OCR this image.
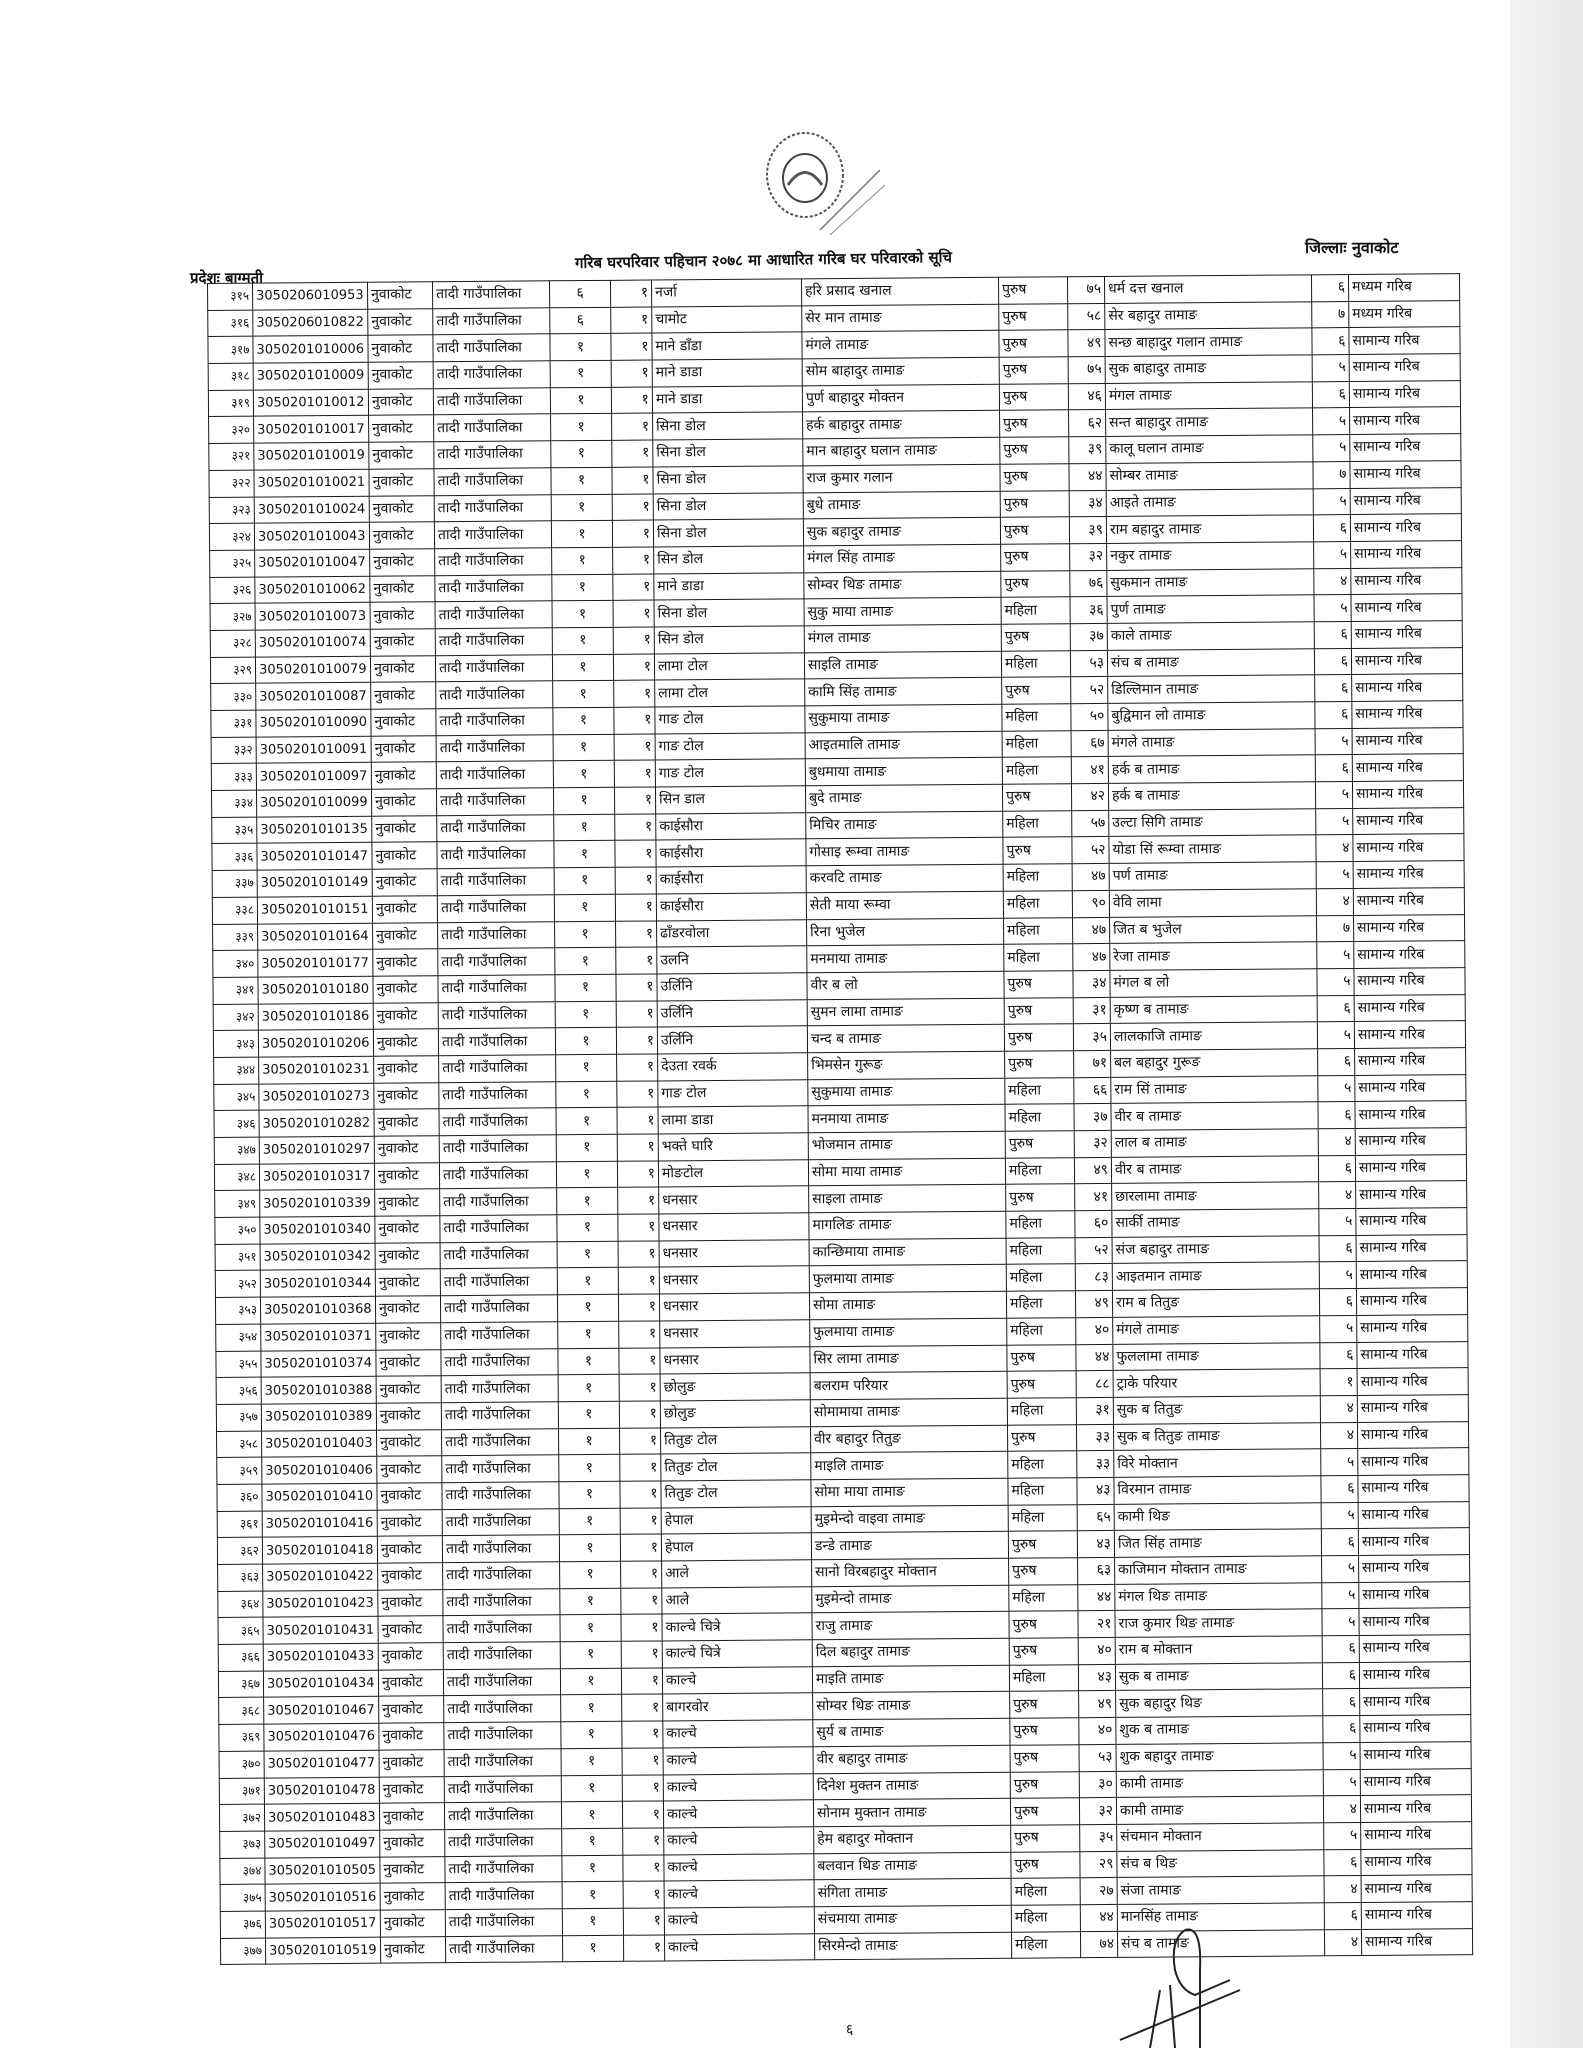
प्रदेशः बाग्मती
गरिब घरपरिवार पहिचान २०७८ मा आधारित गरिब घर परिवारको सूचि
जिल्लाः नुवाकोट
३१५	3050206010953	नुवाकोट	तादी गाउँपालिका	६	१	नर्जा	हरि प्रसाद खनाल	पुरुष	७५	धर्म दत्त खनाल	६	मध्यम गरिब
३१६	3050206010822	नुवाकोट	तादी गाउँपालिका	६	१	चामोट	सेर मान तामाङ	पुरुष	५८	सेर बहादुर तामाङ	७	मध्यम गरिब
३१७	3050201010006	नुवाकोट	तादी गाउँपालिका	१	१	माने डाँडा	मंगले तामाङ	पुरुष	४९	सन्छ बाहादुर गलान तामाङ	६	सामान्य गरिब
३१८	3050201010009	नुवाकोट	तादी गाउँपालिका	१	१	माने डाडा	सोम बाहादुर तामाङ	पुरुष	७५	सुक बाहादुर तामाङ	५	सामान्य गरिब
३१९	3050201010012	नुवाकोट	तादी गाउँपालिका	१	१	माने डाडा	पुर्ण बाहादुर मोक्तन	पुरुष	४६	मंगल तामाङ	६	सामान्य गरिब
३२०	3050201010017	नुवाकोट	तादी गाउँपालिका	१	१	सिना डोल	हर्क बाहादुर तामाङ	पुरुष	६२	सन्त बाहादुर तामाङ	५	सामान्य गरिब
३२१	3050201010019	नुवाकोट	तादी गाउँपालिका	१	१	सिना डोल	मान बाहादुर घलान तामाङ	पुरुष	३९	कालू घलान तामाङ	५	सामान्य गरिब
३२२	3050201010021	नुवाकोट	तादी गाउँपालिका	१	१	सिना डोल	राज कुमार गलान	पुरुष	४४	सोम्बर तामाङ	७	सामान्य गरिब
३२३	3050201010024	नुवाकोट	तादी गाउँपालिका	१	१	सिना डोल	बुधे तामाङ	पुरुष	३४	आइते तामाङ	५	सामान्य गरिब
३२४	3050201010043	नुवाकोट	तादी गाउँपालिका	१	१	सिना डोल	सुक बहादुर तामाङ	पुरुष	३९	राम बहादुर तामाङ	६	सामान्य गरिब
३२५	3050201010047	नुवाकोट	तादी गाउँपालिका	१	१	सिन डोल	मंगल सिंह तामाङ	पुरुष	३२	नकुर तामाङ	५	सामान्य गरिब
३२६	3050201010062	नुवाकोट	तादी गाउँपालिका	१	१	माने डाडा	सोम्वर थिङ तामाङ	पुरुष	७६	सुकमान तामाङ	४	सामान्य गरिब
३२७	3050201010073	नुवाकोट	तादी गाउँपालिका	१	१	सिना डोल	सुकु माया तामाङ	महिला	३६	पुर्ण तामाङ	५	सामान्य गरिब
३२८	3050201010074	नुवाकोट	तादी गाउँपालिका	१	१	सिन डोल	मंगल तामाङ	पुरुष	३७	काले तामाङ	६	सामान्य गरिब
३२९	3050201010079	नुवाकोट	तादी गाउँपालिका	१	१	लामा टोल	साइलि तामाङ	महिला	५३	संच ब तामाङ	६	सामान्य गरिब
३३०	3050201010087	नुवाकोट	तादी गाउँपालिका	१	१	लामा टोल	कामि सिंह तामाङ	पुरुष	५२	डिल्लिमान तामाङ	६	सामान्य गरिब
३३१	3050201010090	नुवाकोट	तादी गाउँपालिका	१	१	गाङ टोल	सुकुमाया तामाङ	महिला	५०	बुद्विमान लो तामाङ	६	सामान्य गरिब
३३२	3050201010091	नुवाकोट	तादी गाउँपालिका	१	१	गाङ टोल	आइतमालि तामाङ	महिला	६७	मंगले तामाङ	५	सामान्य गरिब
३३३	3050201010097	नुवाकोट	तादी गाउँपालिका	१	१	गाङ टोल	बुधमाया तामाङ	महिला	४१	हर्क ब तामाङ	६	सामान्य गरिब
३३४	3050201010099	नुवाकोट	तादी गाउँपालिका	१	१	सिन डाल	बुदे तामाङ	पुरुष	४२	हर्क ब तामाङ	५	सामान्य गरिब
३३५	3050201010135	नुवाकोट	तादी गाउँपालिका	१	१	काईसौरा	मिचिर तामाङ	महिला	५७	उल्टा सिगि तामाङ	५	सामान्य गरिब
३३६	3050201010147	नुवाकोट	तादी गाउँपालिका	१	१	काईसौरा	गोसाइ रूम्वा तामाङ	पुरुष	५२	योडा सिं रूम्वा तामाङ	४	सामान्य गरिब
३३७	3050201010149	नुवाकोट	तादी गाउँपालिका	१	१	काईसौरा	करवटि तामाङ	महिला	४७	पर्ण तामाङ	५	सामान्य गरिब
३३८	3050201010151	नुवाकोट	तादी गाउँपालिका	१	१	काईसौरा	सेती माया रूम्वा	महिला	९०	वेवि लामा	४	सामान्य गरिब
३३९	3050201010164	नुवाकोट	तादी गाउँपालिका	१	१	ढाँडरवोला	रिना भुजेल	महिला	४७	जित ब भुजेल	७	सामान्य गरिब
३४०	3050201010177	नुवाकोट	तादी गाउँपालिका	१	१	उलनि	मनमाया तामाङ	महिला	४७	रेजा तामाङ	५	सामान्य गरिब
३४१	3050201010180	नुवाकोट	तादी गाउँपालिका	१	१	उर्लिनि	वीर ब लो	पुरुष	३४	मंगल ब लो	५	सामान्य गरिब
३४२	3050201010186	नुवाकोट	तादी गाउँपालिका	१	१	उर्लिनि	सुमन लामा तामाङ	पुरुष	३१	कृष्ण ब तामाङ	६	सामान्य गरिब
३४३	3050201010206	नुवाकोट	तादी गाउँपालिका	१	१	उर्लिनि	चन्द ब तामाङ	पुरुष	३५	लालकाजि तामाङ	५	सामान्य गरिब
३४४	3050201010231	नुवाकोट	तादी गाउँपालिका	१	१	देउता रवर्क	भिमसेन गुरूङ	पुरुष	७१	बल बहादुर गुरूङ	६	सामान्य गरिब
३४५	3050201010273	नुवाकोट	तादी गाउँपालिका	१	१	गाङ टोल	सुकुमाया तामाङ	महिला	६६	राम सिं तामाङ	५	सामान्य गरिब
३४६	3050201010282	नुवाकोट	तादी गाउँपालिका	१	१	लामा डाडा	मनमाया तामाङ	महिला	३७	वीर ब तामाङ	६	सामान्य गरिब
३४७	3050201010297	नुवाकोट	तादी गाउँपालिका	१	१	भक्ते घारि	भोजमान तामाङ	पुरुष	३२	लाल ब तामाङ	४	सामान्य गरिब
३४८	3050201010317	नुवाकोट	तादी गाउँपालिका	१	१	मोङटोल	सोमा माया तामाङ	महिला	४९	वीर ब तामाङ	६	सामान्य गरिब
३४९	3050201010339	नुवाकोट	तादी गाउँपालिका	१	१	धनसार	साइला तामाङ	पुरुष	४१	छारलामा तामाङ	४	सामान्य गरिब
३५०	3050201010340	नुवाकोट	तादी गाउँपालिका	१	१	धनसार	मागलिङ तामाङ	महिला	६०	सार्की तामाङ	५	सामान्य गरिब
३५१	3050201010342	नुवाकोट	तादी गाउँपालिका	१	१	धनसार	कान्छिमाया तामाङ	महिला	५२	संज बहादुर तामाङ	६	सामान्य गरिब
३५२	3050201010344	नुवाकोट	तादी गाउँपालिका	१	१	धनसार	फुलमाया तामाङ	महिला	८३	आइतमान तामाङ	५	सामान्य गरिब
३५३	3050201010368	नुवाकोट	तादी गाउँपालिका	१	१	धनसार	सोमा तामाङ	महिला	४९	राम ब तितुङ	६	सामान्य गरिब
३५४	3050201010371	नुवाकोट	तादी गाउँपालिका	१	१	धनसार	फुलमाया तामाङ	महिला	४०	मंगले तामाङ	५	सामान्य गरिब
३५५	3050201010374	नुवाकोट	तादी गाउँपालिका	१	१	धनसार	सिर लामा तामाङ	पुरुष	४४	फुललामा तामाङ	६	सामान्य गरिब
३५६	3050201010388	नुवाकोट	तादी गाउँपालिका	१	१	छोलुङ	बलराम परियार	पुरुष	८८	ट्राके परियार	१	सामान्य गरिब
३५७	3050201010389	नुवाकोट	तादी गाउँपालिका	१	१	छोलुङ	सोमामाया तामाङ	महिला	३१	सुक ब तितुङ	४	सामान्य गरिब
३५८	3050201010403	नुवाकोट	तादी गाउँपालिका	१	१	तितुङ टोल	वीर बहादुर तितुङ	पुरुष	३३	सुक ब तितुङ तामाङ	४	सामान्य गरिब
३५९	3050201010406	नुवाकोट	तादी गाउँपालिका	१	१	तितुङ टोल	माइलि तामाङ	महिला	३३	विरे मोक्तान	५	सामान्य गरिब
३६०	3050201010410	नुवाकोट	तादी गाउँपालिका	१	१	तितुङ टोल	सोमा माया तामाङ	महिला	४३	विरमान तामाङ	६	सामान्य गरिब
३६१	3050201010416	नुवाकोट	तादी गाउँपालिका	१	१	हेपाल	मुइमेन्दो वाइवा तामाङ	महिला	६५	कामी थिङ	५	सामान्य गरिब
३६२	3050201010418	नुवाकोट	तादी गाउँपालिका	१	१	हेपाल	डन्डे तामाङ	पुरुष	४३	जित सिंह तामाङ	६	सामान्य गरिब
३६३	3050201010422	नुवाकोट	तादी गाउँपालिका	१	१	आले	सानो विरबहादुर मोक्तान	पुरुष	६३	काजिमान मोक्तान तामाङ	५	सामान्य गरिब
३६४	3050201010423	नुवाकोट	तादी गाउँपालिका	१	१	आले	मुइमेन्दो तामाङ	महिला	४४	मंगल थिङ तामाङ	५	सामान्य गरिब
३६५	3050201010431	नुवाकोट	तादी गाउँपालिका	१	१	काल्चे चित्रे	राजु तामाङ	पुरुष	२१	राज कुमार थिङ तामाङ	५	सामान्य गरिब
३६६	3050201010433	नुवाकोट	तादी गाउँपालिका	१	१	काल्चे चित्रे	दिल बहादुर तामाङ	पुरुष	४०	राम ब मोक्तान	६	सामान्य गरिब
३६७	3050201010434	नुवाकोट	तादी गाउँपालिका	१	१	काल्चे	माइति तामाङ	महिला	४३	सुक ब तामाङ	६	सामान्य गरिब
३६८	3050201010467	नुवाकोट	तादी गाउँपालिका	१	१	बागरवोर	सोम्वर थिङ तामाङ	पुरुष	४९	सुक बहादुर थिङ	६	सामान्य गरिब
३६९	3050201010476	नुवाकोट	तादी गाउँपालिका	१	१	काल्चे	सुर्य ब तामाङ	पुरुष	४०	शुक ब तामाङ	६	सामान्य गरिब
३७०	3050201010477	नुवाकोट	तादी गाउँपालिका	१	१	काल्चे	वीर बहादुर तामाङ	पुरुष	५३	शुक बहादुर तामाङ	५	सामान्य गरिब
३७१	3050201010478	नुवाकोट	तादी गाउँपालिका	१	१	काल्चे	दिनेश मुक्तन तामाङ	पुरुष	३०	कामी तामाङ	५	सामान्य गरिब
३७२	3050201010483	नुवाकोट	तादी गाउँपालिका	१	१	काल्चे	सोनाम मुक्तान तामाङ	पुरुष	३२	कामी तामाङ	४	सामान्य गरिब
३७३	3050201010497	नुवाकोट	तादी गाउँपालिका	१	१	काल्चे	हेम बहादुर मोक्तान	पुरुष	३५	संचमान मोक्तान	५	सामान्य गरिब
३७४	3050201010505	नुवाकोट	तादी गाउँपालिका	१	१	काल्चे	बलवान थिङ तामाङ	पुरुष	२९	संच ब थिङ	६	सामान्य गरिब
३७५	3050201010516	नुवाकोट	तादी गाउँपालिका	१	१	काल्चे	संगिता तामाङ	महिला	२७	संजा तामाङ	४	सामान्य गरिब
३७६	3050201010517	नुवाकोट	तादी गाउँपालिका	१	१	काल्चे	संचमाया तामाङ	महिला	४४	मानसिंह तामाङ	६	सामान्य गरिब
३७७	3050201010519	नुवाकोट	तादी गाउँपालिका	१	१	काल्चे	सिरमेन्दो तामाङ	महिला	७४	संच ब तामाङ	४	सामान्य गरिब
६
